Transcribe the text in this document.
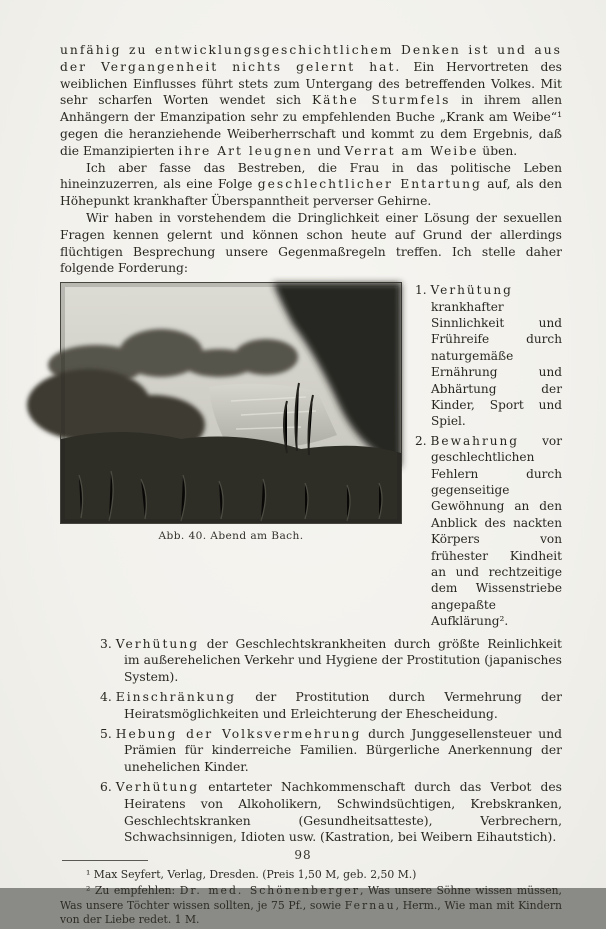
unfähig zu entwicklungsgeschichtlichem Denken ist und aus der Vergangenheit nichts gelernt hat. Ein Hervortreten des weiblichen Einflusses führt stets zum Untergang des betreffenden Volkes. Mit sehr scharfen Worten wendet sich Käthe Sturmfels in ihrem allen Anhängern der Emanzipation sehr zu empfehlenden Buche „Krank am Weibe“¹ gegen die heranziehende Weiberherrschaft und kommt zu dem Ergebnis, daß die Emanzipierten ihre Art leugnen und Verrat am Weibe üben.

Ich aber fasse das Bestreben, die Frau in das politische Leben hineinzuzerren, als eine Folge geschlechtlicher Entartung auf, als den Höhepunkt krankhafter Überspanntheit perverser Gehirne.

Wir haben in vorstehendem die Dringlichkeit einer Lösung der sexuellen Fragen kennen gelernt und können schon heute auf Grund der allerdings flüchtigen Besprechung unsere Gegenmaßregeln treffen. Ich stelle daher folgende Forderung:

Abb. 40. Abend am Bach.
1. Verhütung krankhafter Sinnlichkeit und Frühreife durch naturgemäße Ernährung und Abhärtung der Kinder, Sport und Spiel.
2. Bewahrung vor geschlechtlichen Fehlern durch gegenseitige Gewöhnung an den Anblick des nackten Körpers von frühester Kindheit an und rechtzeitige dem Wissenstriebe angepaßte Aufklärung².
3. Verhütung der Geschlechtskrankheiten durch größte Reinlichkeit im außerehelichen Verkehr und Hygiene der Prostitution (japanisches System).
4. Einschränkung der Prostitution durch Vermehrung der Heiratsmöglichkeiten und Erleichterung der Ehescheidung.
5. Hebung der Volksvermehrung durch Junggesellensteuer und Prämien für kinderreiche Familien. Bürgerliche Anerkennung der unehelichen Kinder.
6. Verhütung entarteter Nachkommenschaft durch das Verbot des Heiratens von Alkoholikern, Schwindsüchtigen, Krebskranken, Geschlechtskranken (Gesundheitsatteste), Verbrechern, Schwachsinnigen, Idioten usw. (Kastration, bei Weibern Eihautstich).

¹ Max Seyfert, Verlag, Dresden. (Preis 1,50 M, geb. 2,50 M.)

² Zu empfehlen: Dr. med. Schönenberger, Was unsere Söhne wissen müssen, Was unsere Töchter wissen sollten, je 75 Pf., sowie Fernau, Herm., Wie man mit Kindern von der Liebe redet. 1 M.

98
